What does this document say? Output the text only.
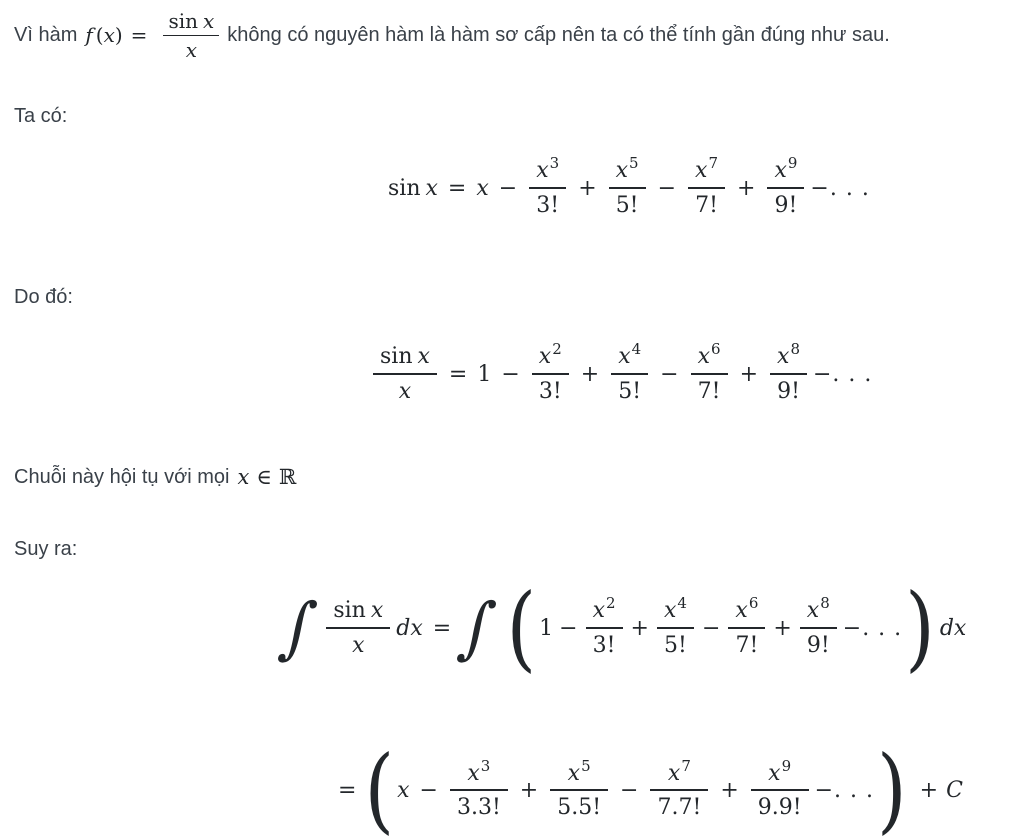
Vì hàm f ( x ) = $\frac{\text{sin x}}{x}$ không có nguyên hàm là hàm sơ cấp nên ta có thể tính gần đúng như sau.
Ta có:
$\sin x = x - \frac{x^3}{3!} + \frac{x^5}{5!} - \frac{x^7}{7!} + \frac{x^9}{9!}$ −. . .
Do đó:
$\frac{\text{sin x}}{x} = 1 - \frac{x^2}{3!} + \frac{x^4}{5!} - \frac{x^6}{7!} + \frac{x^8}{9!}$ −. . .
Chuỗi này hội tụ với mọi x ∈ ℝ
Suy ra:
∫ $\frac{\text{sin x}}{x}$ dx = ∫ ( $1 - \frac{x^2}{3!} + \frac{x^4}{5!} - \frac{x^6}{7!} + \frac{x^8}{9!}$ −. . . ) dx
= ( $x - \frac{x^3}{3.3!} + \frac{x^5}{5.5!} - \frac{x^7}{7.7!} + \frac{x^9}{9.9!}$ −. . . ) + C
